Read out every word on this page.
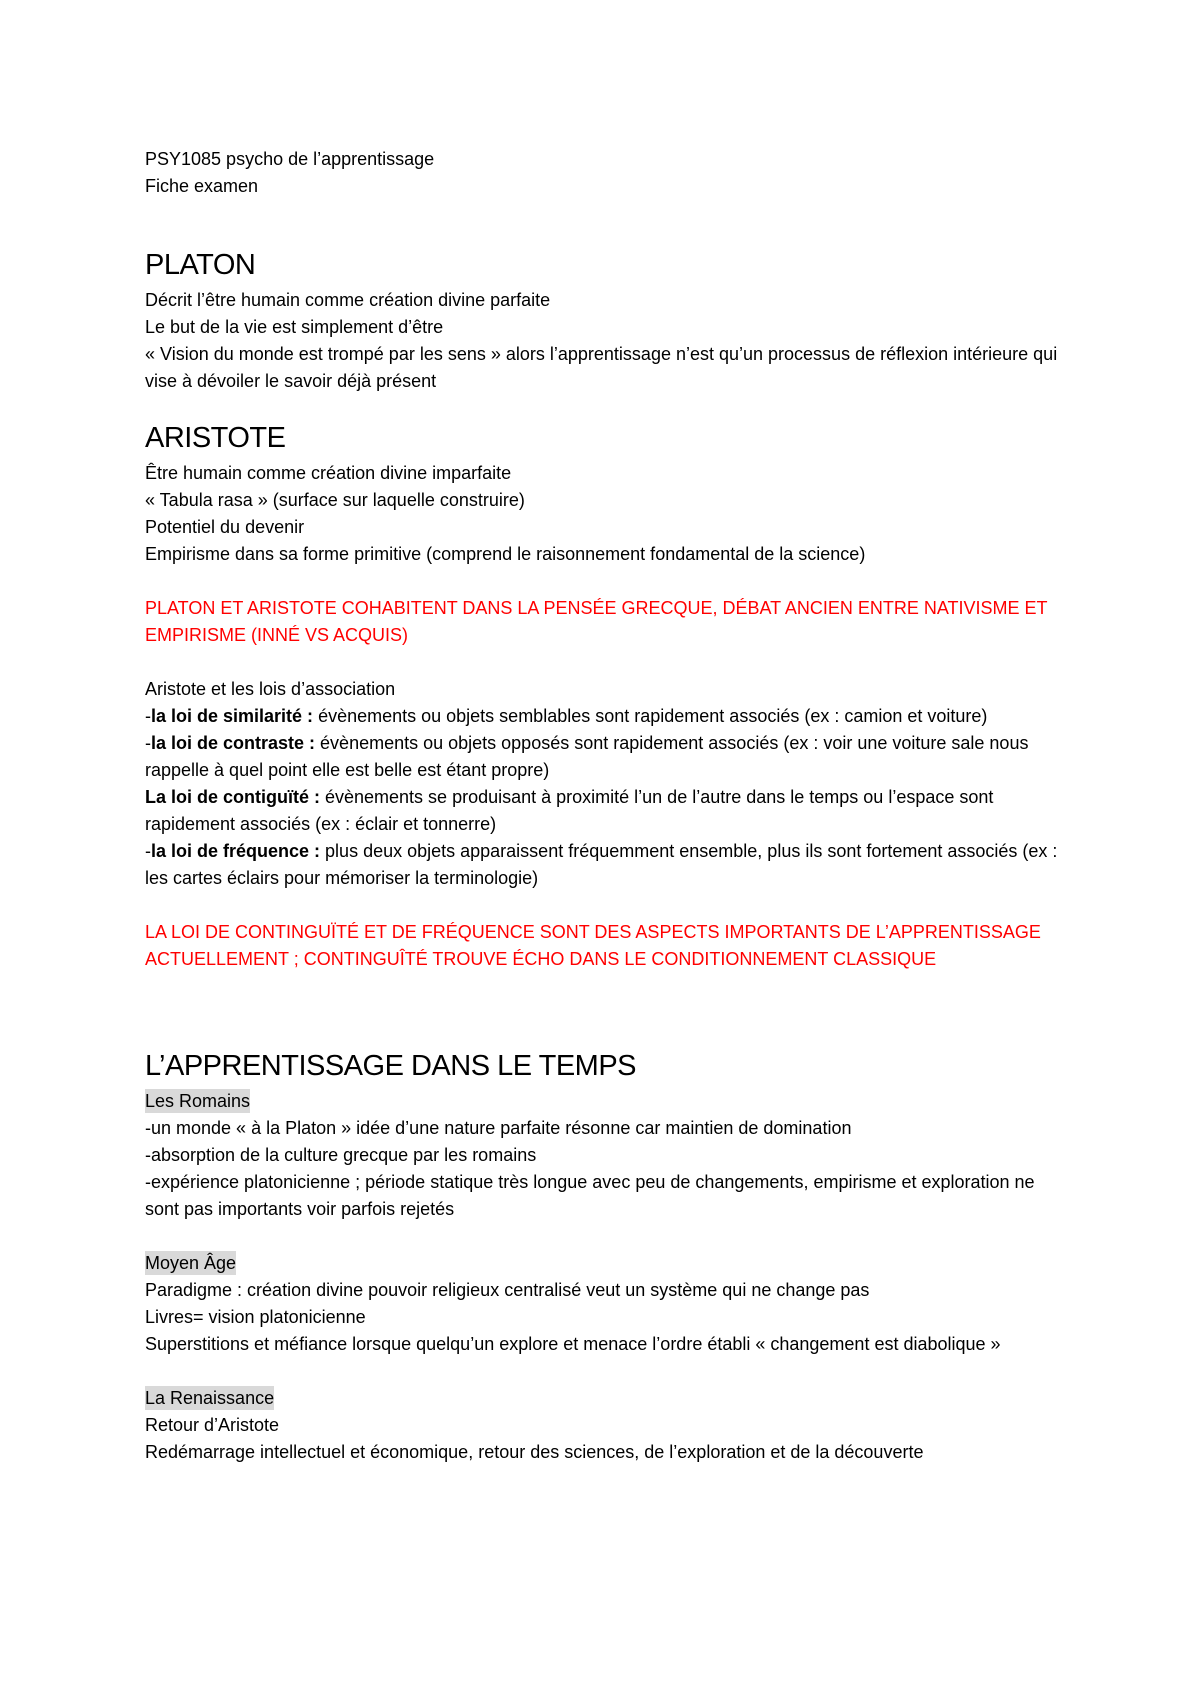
PSY1085 psycho de l’apprentissage
Fiche examen
PLATON
Décrit l’être humain comme création divine parfaite
Le but de la vie est simplement d’être
« Vision du monde est trompé par les sens » alors l’apprentissage n’est qu’un processus de réflexion intérieure qui vise à dévoiler le savoir déjà présent
ARISTOTE
Être humain comme création divine imparfaite
« Tabula rasa » (surface sur laquelle construire)
Potentiel du devenir
Empirisme dans sa forme primitive (comprend le raisonnement fondamental de la science)
PLATON ET ARISTOTE COHABITENT DANS LA PENSÉE GRECQUE, DÉBAT ANCIEN ENTRE NATIVISME ET EMPIRISME (INNÉ VS ACQUIS)
Aristote et les lois d’association
-la loi de similarité : évènements ou objets semblables sont rapidement associés (ex : camion et voiture)
-la loi de contraste : évènements ou objets opposés sont rapidement associés (ex : voir une voiture sale nous rappelle à quel point elle est belle est étant propre)
La loi de contiguïté : évènements se produisant à proximité l’un de l’autre dans le temps ou l’espace sont rapidement associés (ex : éclair et tonnerre)
-la loi de fréquence : plus deux objets apparaissent fréquemment ensemble, plus ils sont fortement associés (ex : les cartes éclairs pour mémoriser la terminologie)
LA LOI DE CONTINGUÏTÉ ET DE FRÉQUENCE SONT DES ASPECTS IMPORTANTS DE L’APPRENTISSAGE ACTUELLEMENT ; CONTINGUÎTÉ TROUVE ÉCHO DANS LE CONDITIONNEMENT CLASSIQUE
L’APPRENTISSAGE DANS LE TEMPS
Les Romains
-un monde « à la Platon » idée d’une nature parfaite résonne car maintien de domination
-absorption de la culture grecque par les romains
-expérience platonicienne ; période statique très longue avec peu de changements, empirisme et exploration ne sont pas importants voir parfois rejetés
Moyen Âge
Paradigme : création divine pouvoir religieux centralisé veut un système qui ne change pas
Livres= vision platonicienne
Superstitions et méfiance lorsque quelqu’un explore et menace l’ordre établi « changement est diabolique »
La Renaissance
Retour d’Aristote
Redémarrage intellectuel et économique, retour des sciences, de l’exploration et de la découverte
